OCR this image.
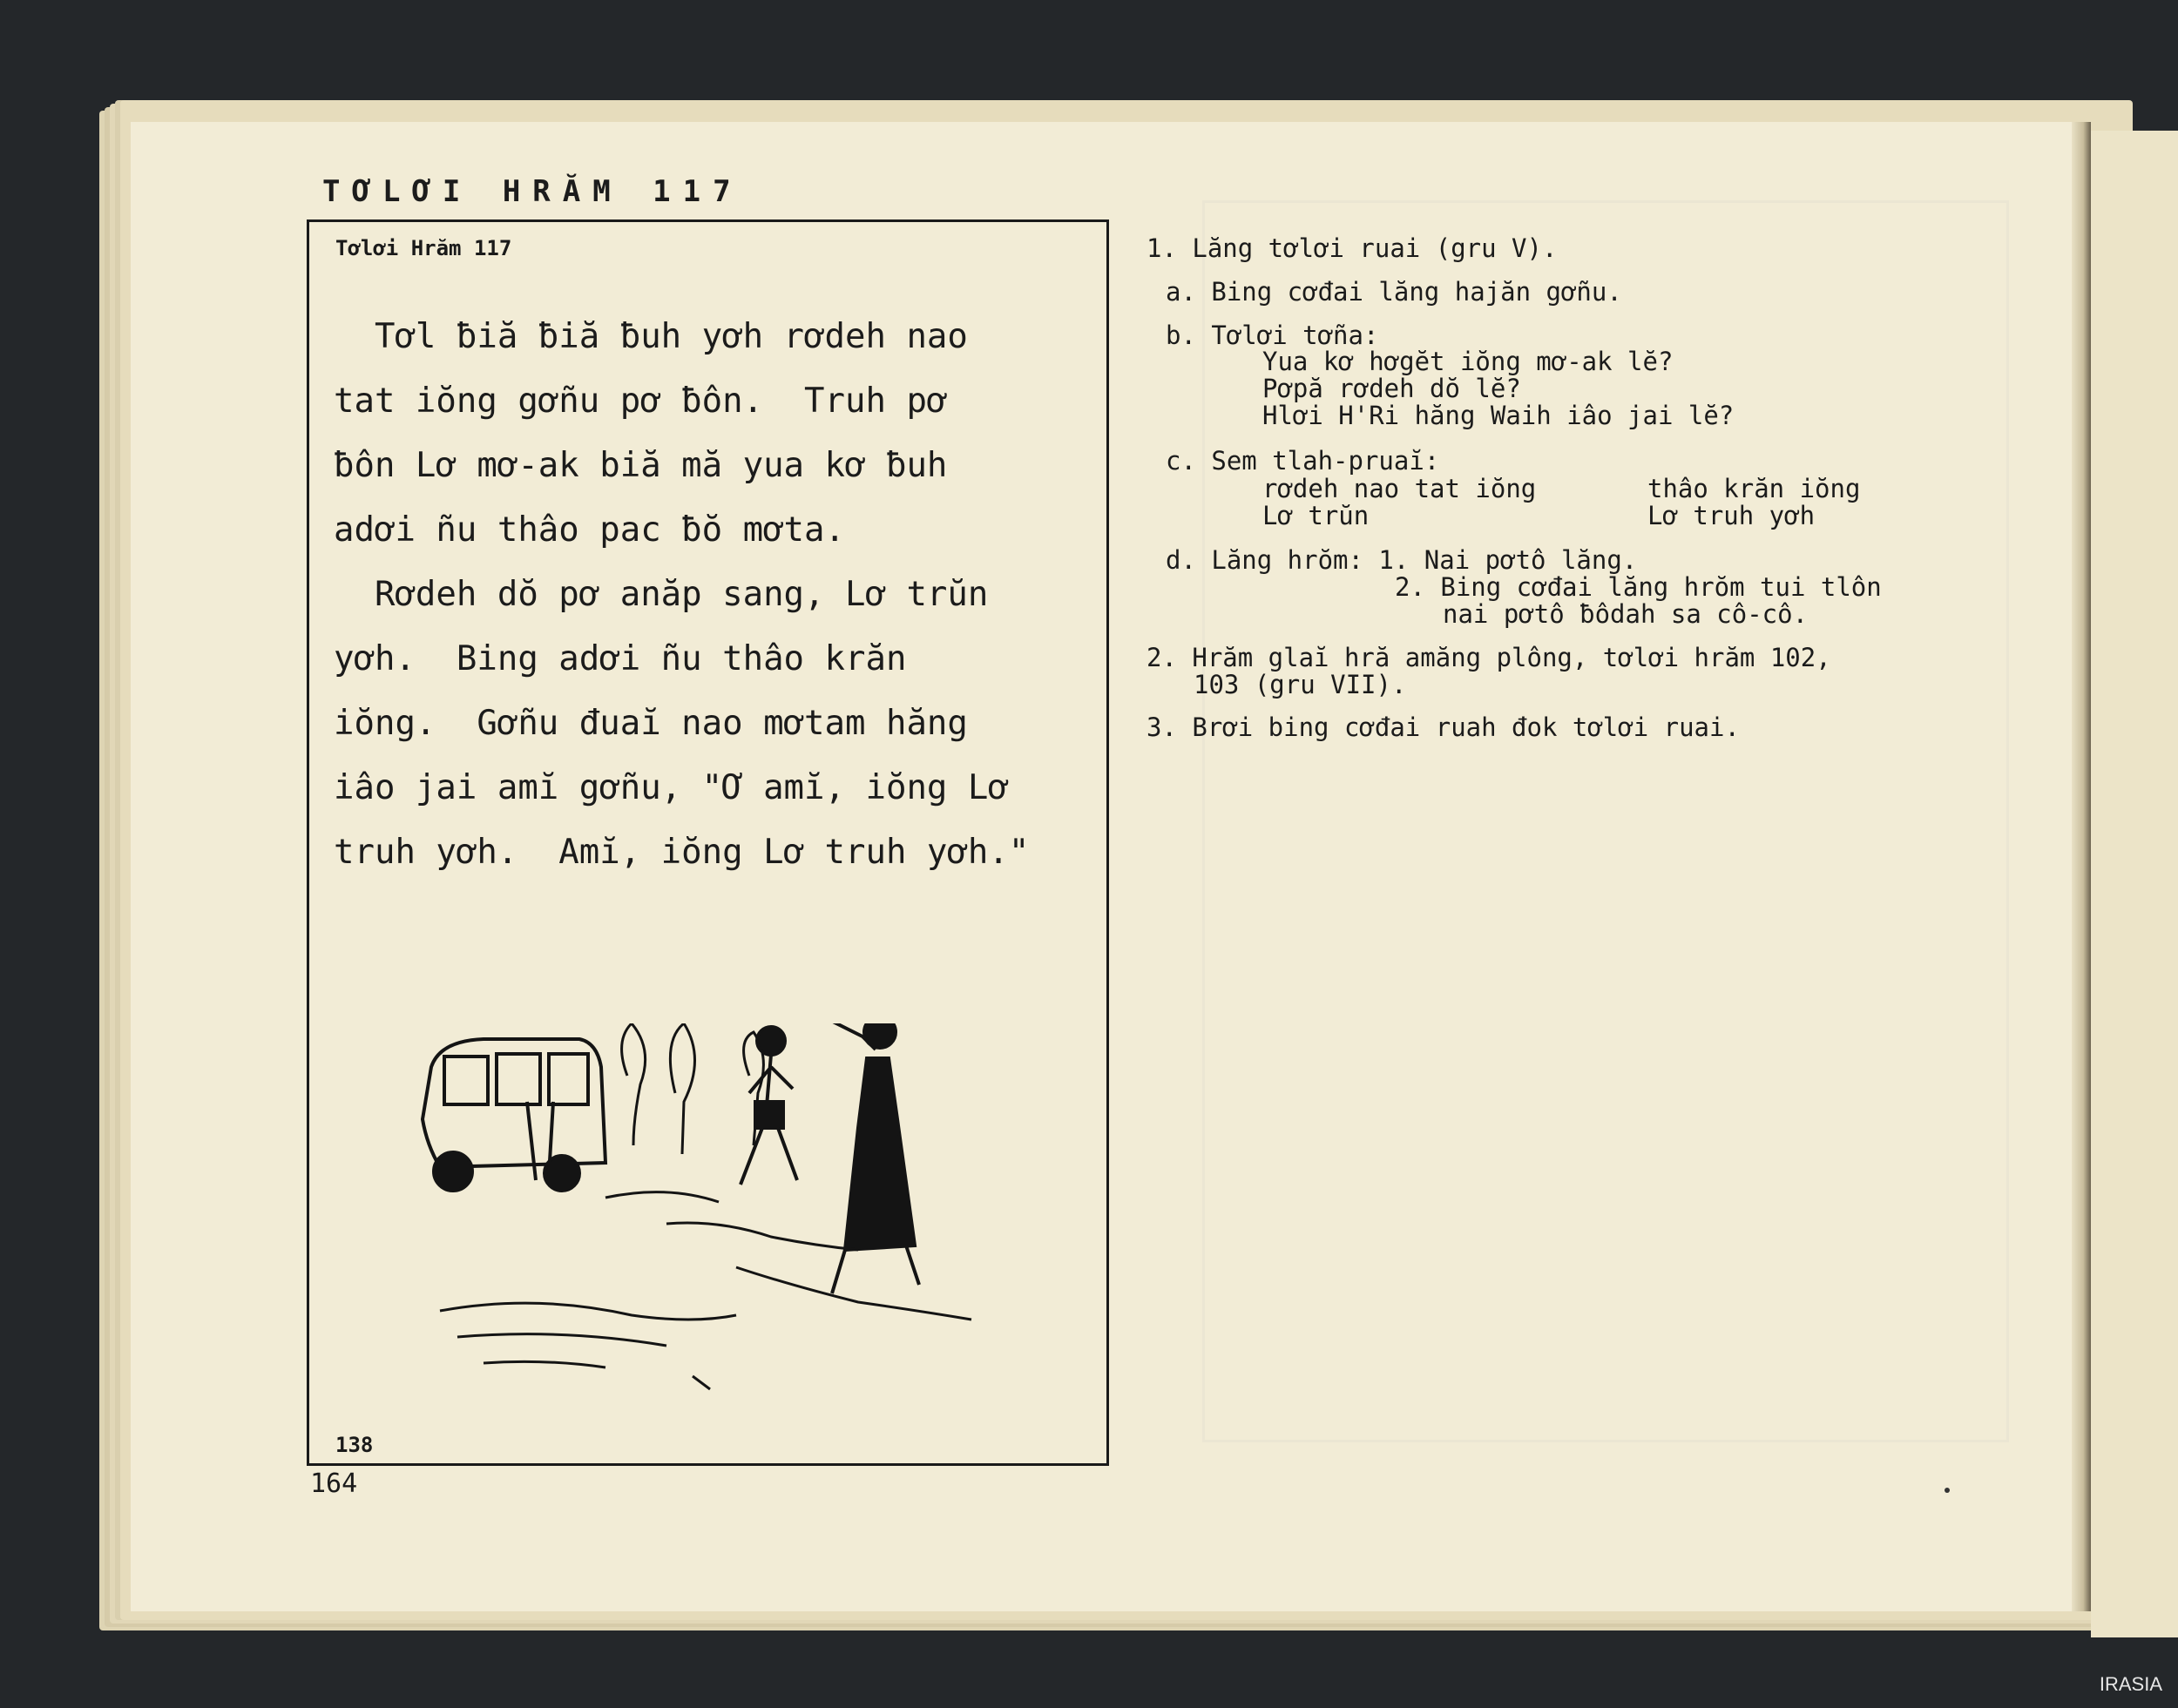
TƠLƠI HRĂM 117
Tơlơi Hrăm 117
Tơl ƀiă ƀiă ƀuh yơh rơdeh nao
tat iŏng gơñu pơ ƀôn.  Truh pơ
ƀôn Lơ mơ-ak biă mă yua kơ ƀuh
adơi ñu thâo pac ƀŏ mơta.
Rơdeh dŏ pơ anăp sang, Lơ trŭn
yơh.  Bing adơi ñu thâo krăn
iŏng.  Gơñu đuaĭ nao mơtam hăng
iâo jai amĭ gơñu, "Ơ amĭ, iŏng Lơ
truh yơh.  Amĭ, iŏng Lơ truh yơh."
138
164
1. Lăng tơlơi ruai (gru V).
a. Bing cơđai lăng hajăn gơñu.
b. Tơlơi tơña:
Yua kơ hơgĕt iŏng mơ-ak lĕ?
Pơpă rơdeh dŏ lĕ?
Hlơi H'Ri hăng Waih iâo jai lĕ?
c. Sem tlah-pruaĭ:
rơdeh nao tat iŏng	thâo krăn iŏng
Lơ trŭn	Lơ truh yơh
d. Lăng hrŏm: 1. Nai pơtô lăng.
2. Bing cơđai lăng hrŏm tui tlôn
nai pơtô ƀôdah sa cô-cô.
2. Hrăm glaĭ hră amăng plông, tơlơi hrăm 102,
103 (gru VII).
3. Brơi bing cơđai ruah đok tơlơi ruai.
IRASIA
